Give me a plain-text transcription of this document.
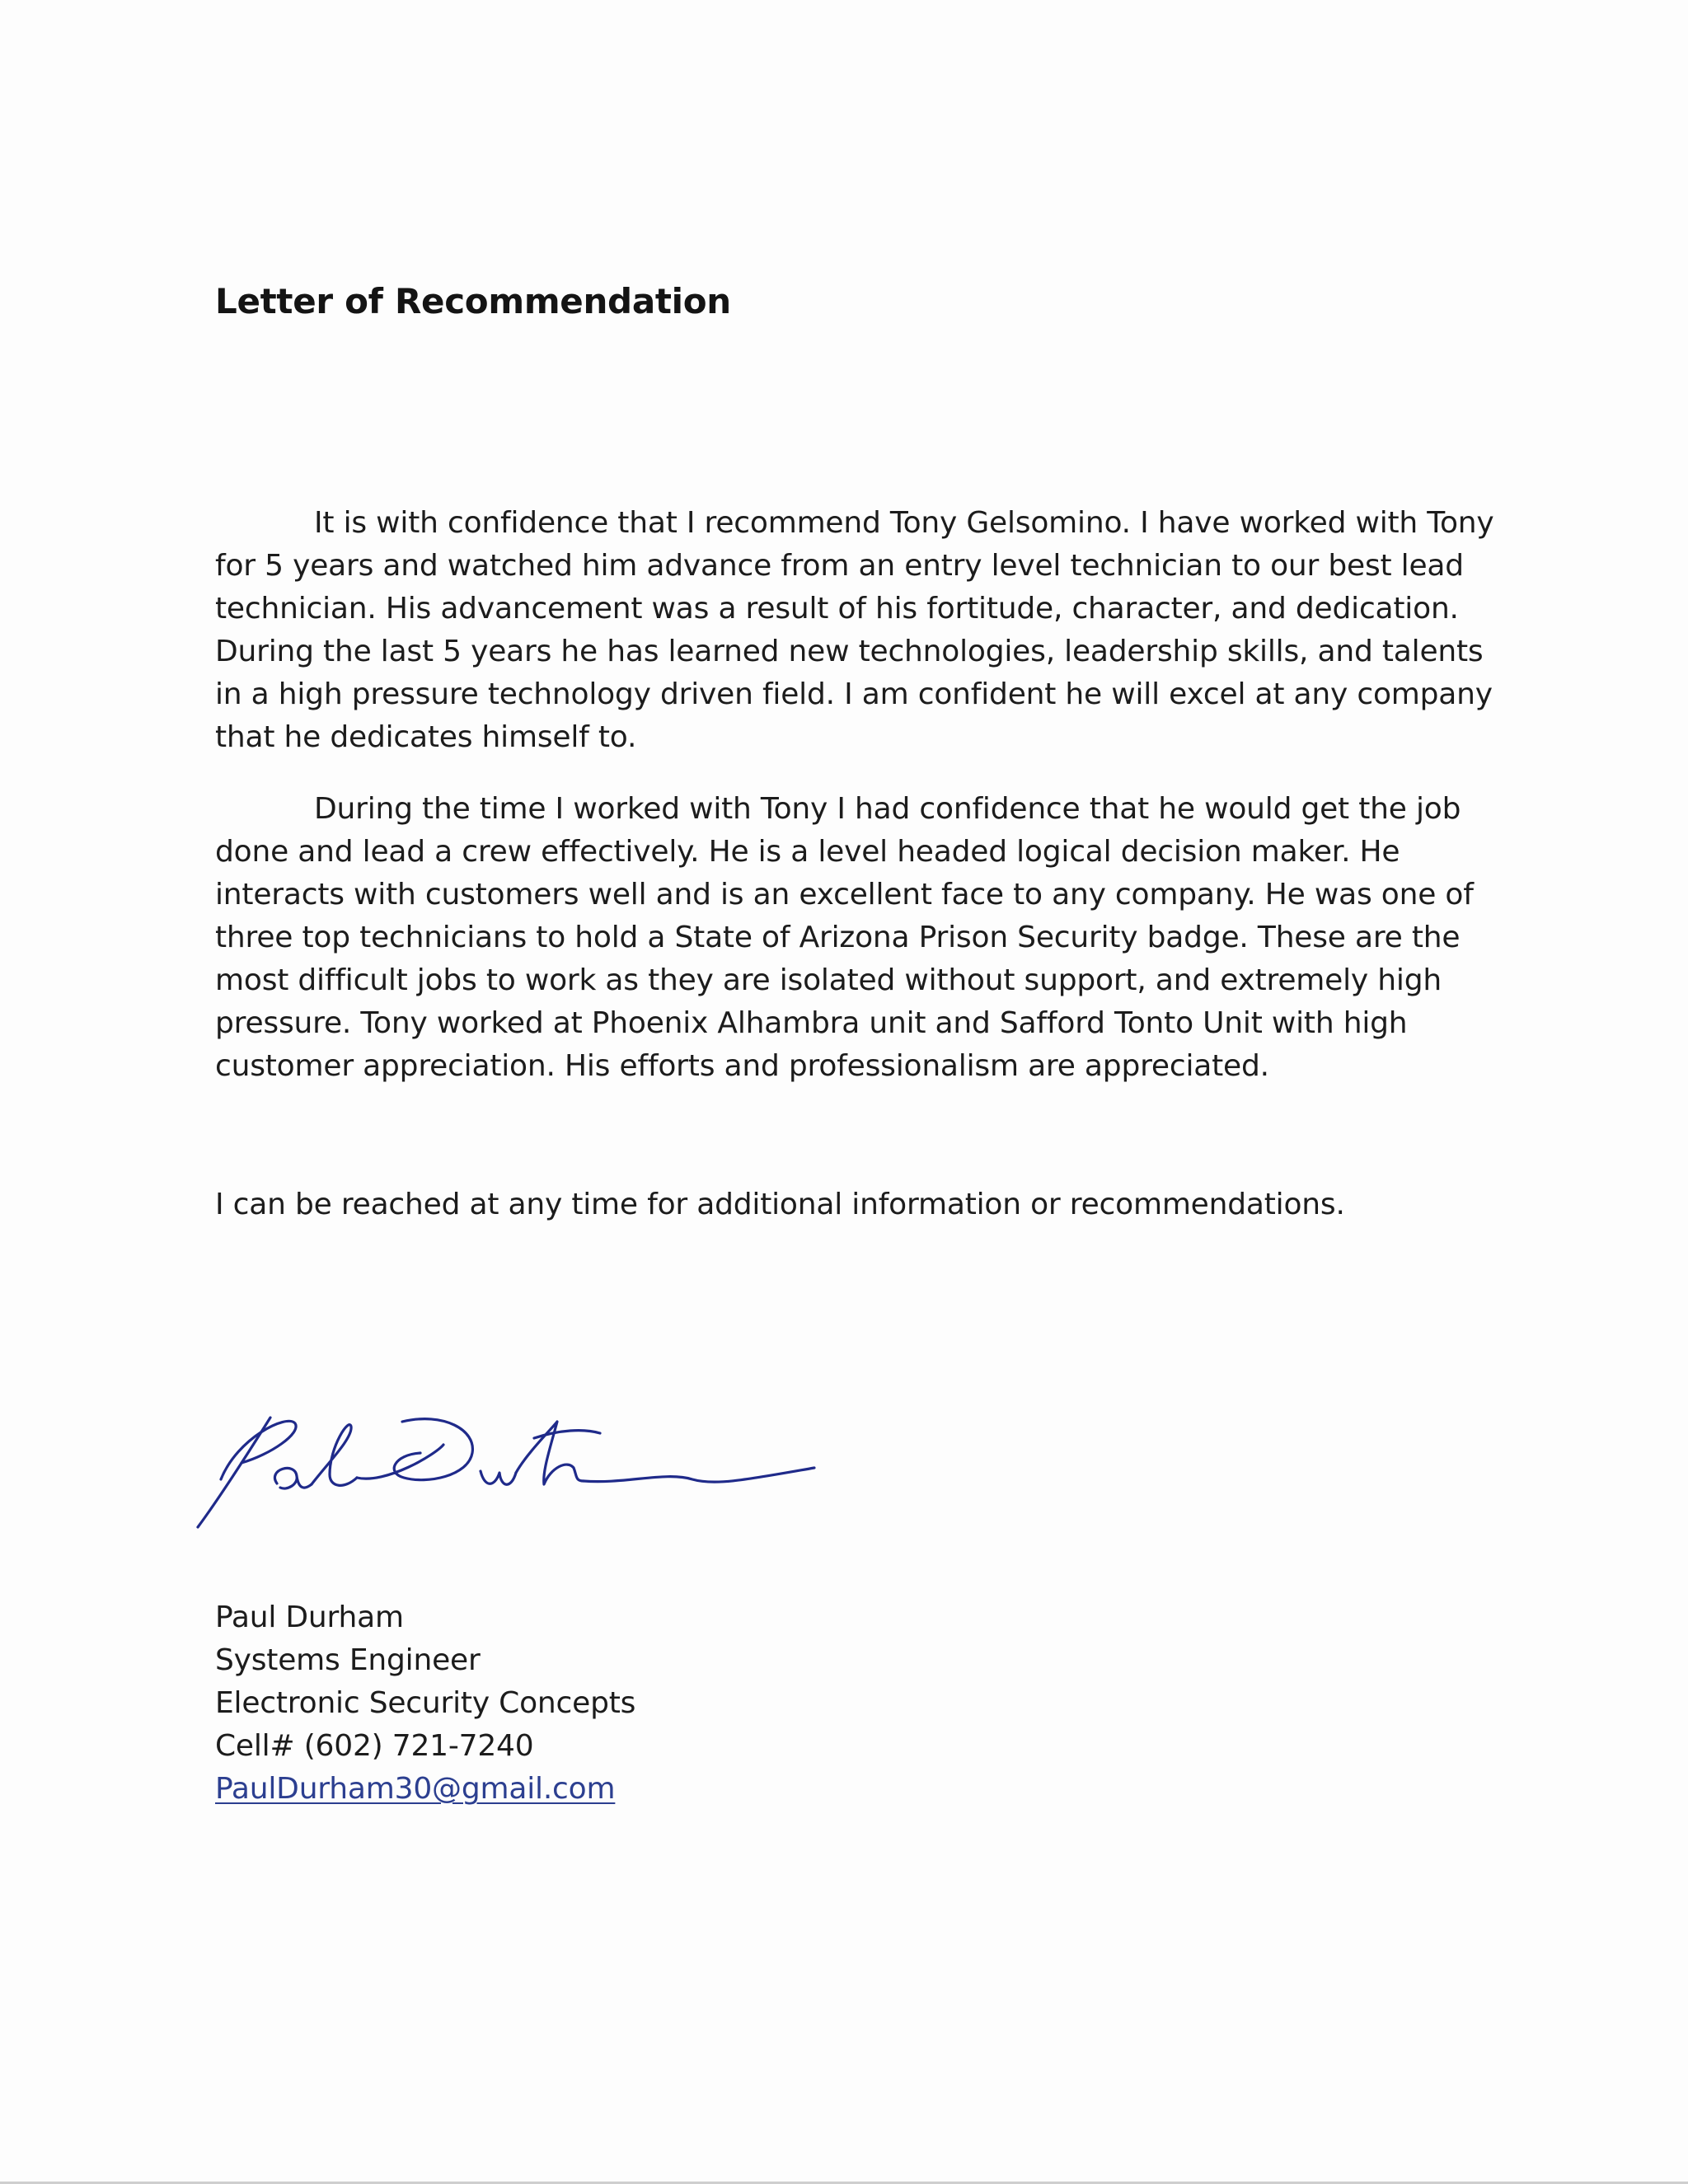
Letter of Recommendation

It is with confidence that I recommend Tony Gelsomino. I have worked with Tony for 5 years and watched him advance from an entry level technician to our best lead technician. His advancement was a result of his fortitude, character, and dedication. During the last 5 years he has learned new technologies, leadership skills, and talents in a high pressure technology driven field. I am confident he will excel at any company that he dedicates himself to.

During the time I worked with Tony I had confidence that he would get the job done and lead a crew effectively. He is a level headed logical decision maker. He interacts with customers well and is an excellent face to any company. He was one of three top technicians to hold a State of Arizona Prison Security badge. These are the most difficult jobs to work as they are isolated without support, and extremely high pressure. Tony worked at Phoenix Alhambra unit and Safford Tonto Unit with high customer appreciation. His efforts and professionalism are appreciated.

I can be reached at any time for additional information or recommendations.

Paul Durham
Systems Engineer
Electronic Security Concepts
Cell# (602) 721-7240
PaulDurham30@gmail.com
